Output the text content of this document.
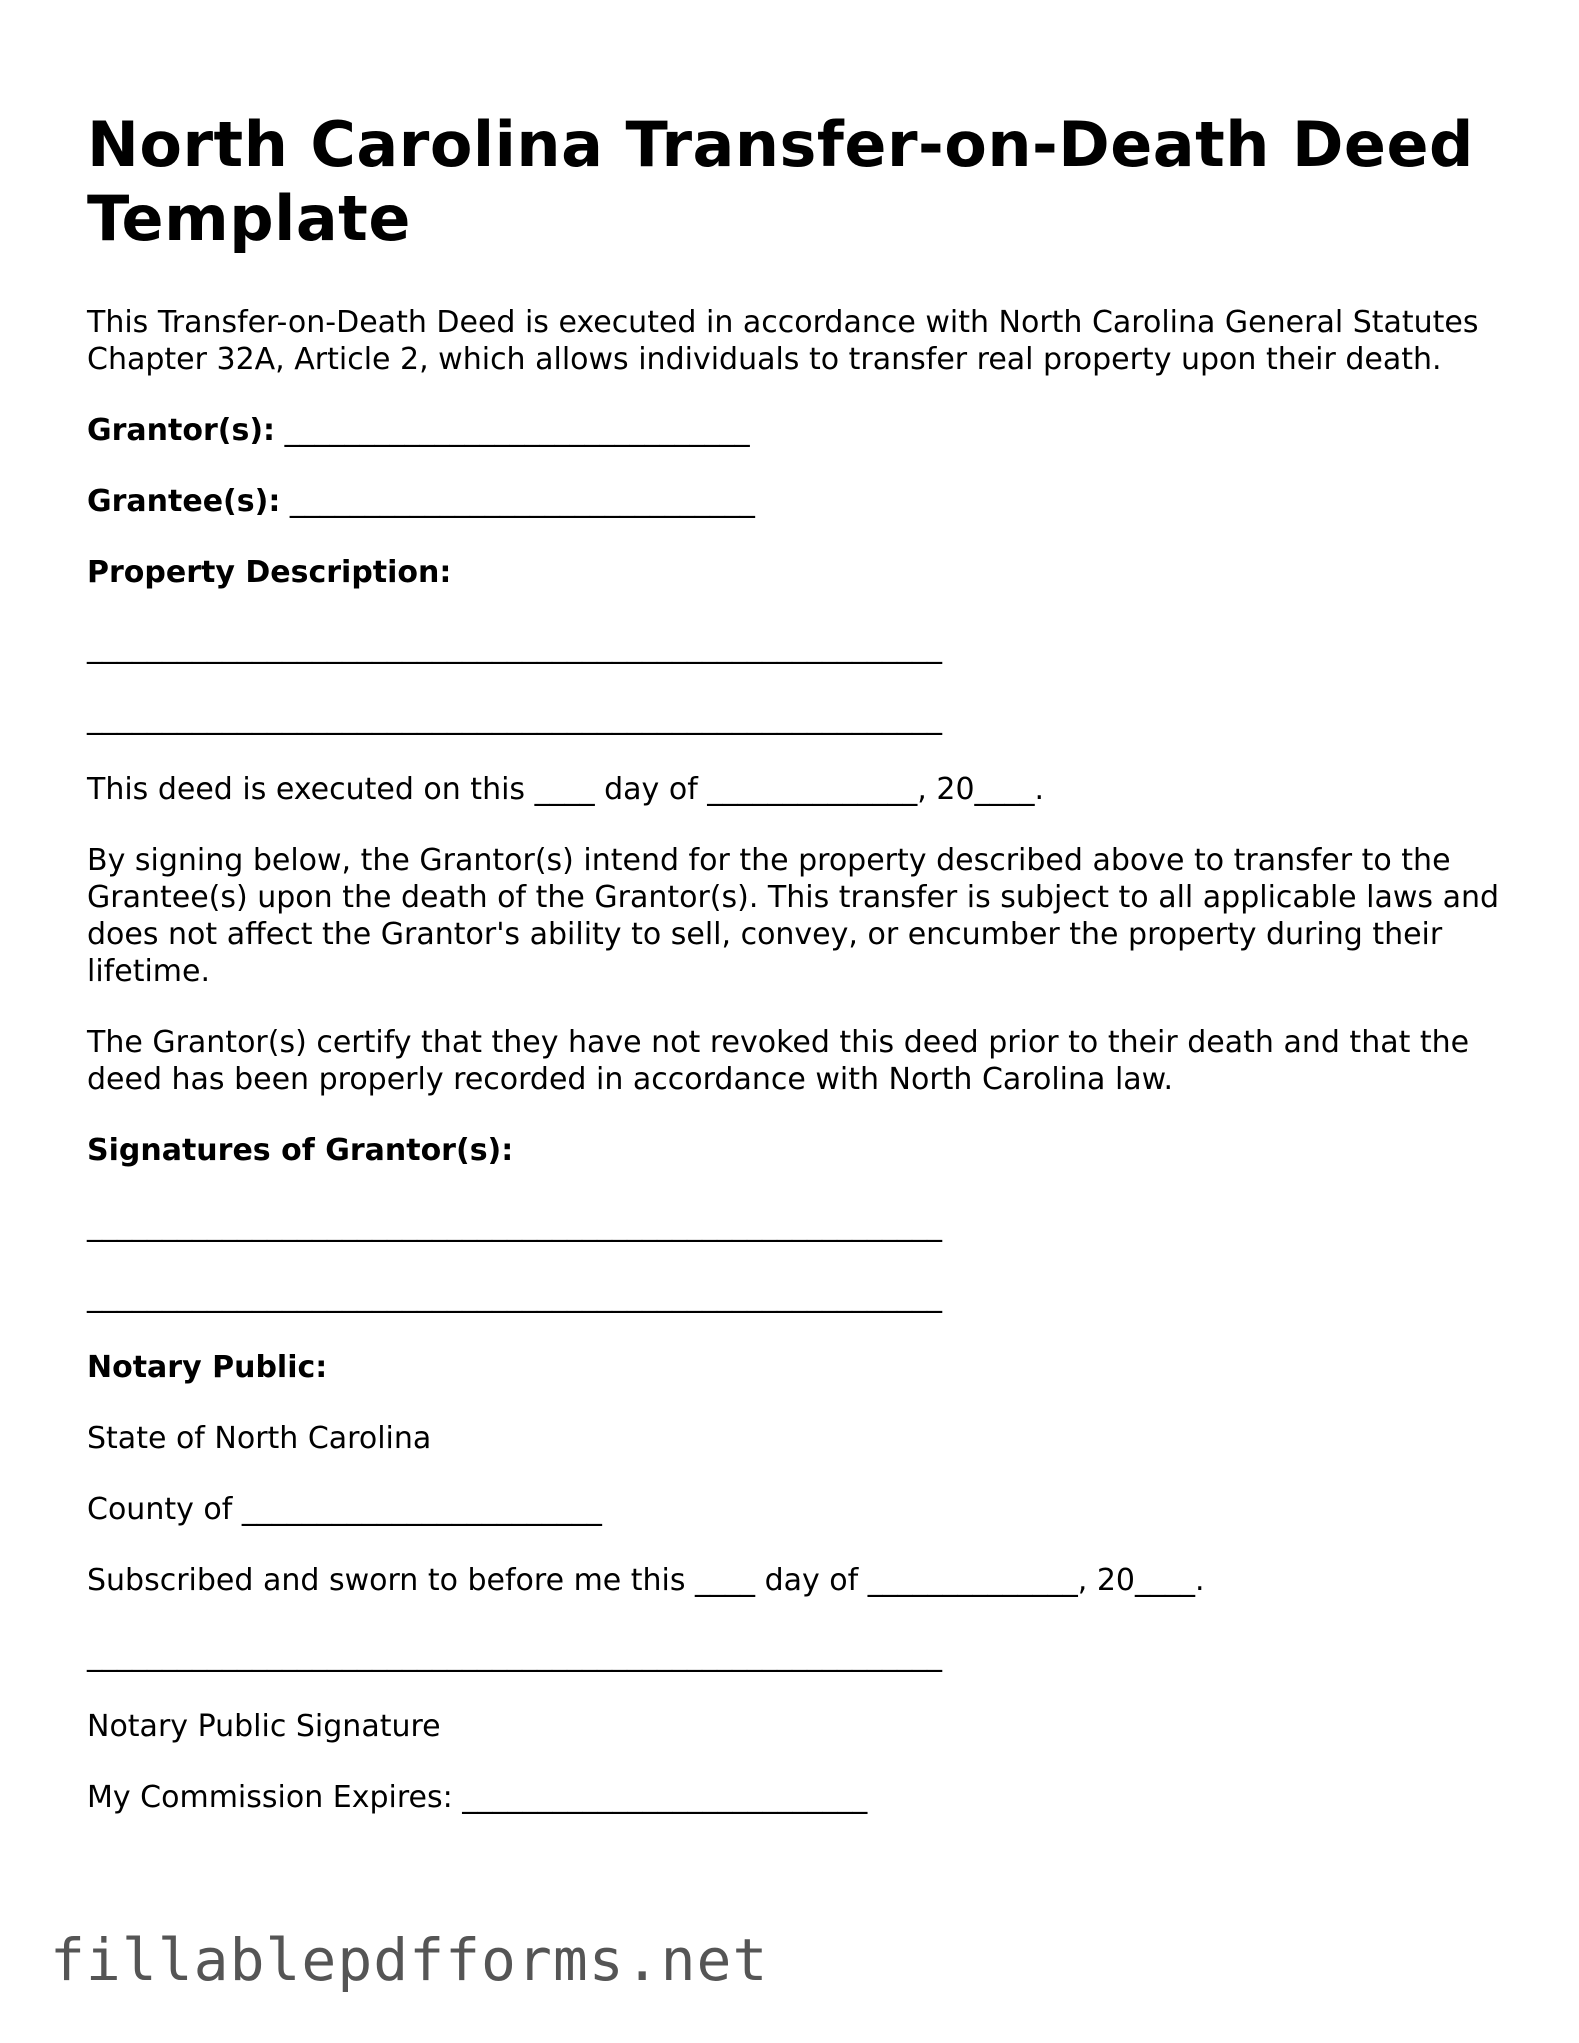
North Carolina Transfer-on-Death Deed Template

This Transfer-on-Death Deed is executed in accordance with North Carolina General Statutes Chapter 32A, Article 2, which allows individuals to transfer real property upon their death.

Grantor(s): _______________________________

Grantee(s): _______________________________

Property Description:

_________________________________________________________

_________________________________________________________

This deed is executed on this ____ day of ______________, 20____.

By signing below, the Grantor(s) intend for the property described above to transfer to the Grantee(s) upon the death of the Grantor(s). This transfer is subject to all applicable laws and does not affect the Grantor's ability to sell, convey, or encumber the property during their lifetime.

The Grantor(s) certify that they have not revoked this deed prior to their death and that the deed has been properly recorded in accordance with North Carolina law.

Signatures of Grantor(s):

_________________________________________________________

_________________________________________________________

Notary Public:

State of North Carolina

County of ________________________

Subscribed and sworn to before me this ____ day of ______________, 20____.

_________________________________________________________

Notary Public Signature

My Commission Expires: ___________________________

fillablepdfforms.net
